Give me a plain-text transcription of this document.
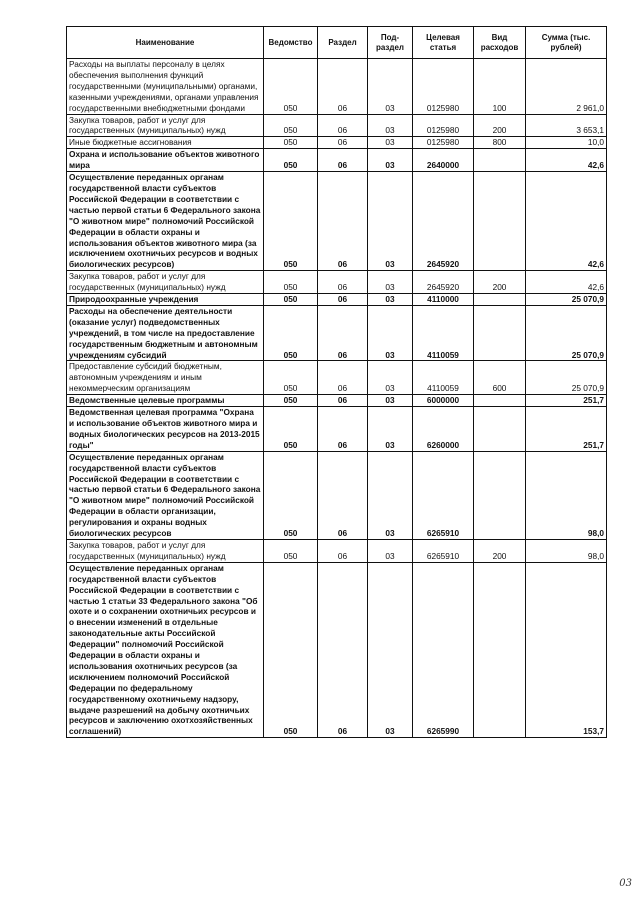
Наименование	Ведомство	Раздел	Под-раздел	Целевая статья	Вид расходов	Сумма (тыс. рублей)
Расходы на выплаты персоналу в целях обеспечения выполнения функций государственными (муниципальными) органами, казенными учреждениями, органами управления государственными внебюджетными фондами	050	06	03	0125980	100	2 961,0
Закупка товаров, работ и услуг для государственных (муниципальных) нужд	050	06	03	0125980	200	3 653,1
Иные бюджетные ассигнования	050	06	03	0125980	800	10,0
Охрана и использование объектов животного мира	050	06	03	2640000		42,6
Осуществление переданных органам государственной власти субъектов Российской Федерации в соответствии с частью первой статьи 6 Федерального закона "О животном мире" полномочий Российской Федерации в области охраны и использования объектов животного мира (за исключением охотничьих ресурсов и водных биологических ресурсов)	050	06	03	2645920		42,6
Закупка товаров, работ и услуг для государственных (муниципальных) нужд	050	06	03	2645920	200	42,6
Природоохранные учреждения	050	06	03	4110000		25 070,9
Расходы на обеспечение деятельности (оказание услуг) подведомственных учреждений, в том числе на предоставление государственным бюджетным и автономным учреждениям субсидий	050	06	03	4110059		25 070,9
Предоставление субсидий бюджетным, автономным учреждениям и иным некоммерческим организациям	050	06	03	4110059	600	25 070,9
Ведомственные целевые программы	050	06	03	6000000		251,7
Ведомственная целевая программа "Охрана и использование объектов животного мира и водных биологических ресурсов на 2013-2015 годы"	050	06	03	6260000		251,7
Осуществление переданных органам государственной власти субъектов Российской Федерации в соответствии с частью первой статьи 6 Федерального закона "О животном мире" полномочий Российской Федерации в области организации, регулирования и охраны водных биологических ресурсов	050	06	03	6265910		98,0
Закупка товаров, работ и услуг для государственных (муниципальных) нужд	050	06	03	6265910	200	98,0
Осуществление переданных органам государственной власти субъектов Российской Федерации в соответствии с частью 1 статьи 33 Федерального закона "Об охоте и о сохранении охотничьих ресурсов и о внесении изменений в отдельные законодательные акты Российской Федерации" полномочий Российской Федерации в области охраны и использования охотничьих ресурсов (за исключением полномочий Российской Федерации по федеральному государственному охотничьему надзору, выдаче разрешений на добычу охотничьих ресурсов и заключению охотхозяйственных соглашений)	050	06	03	6265990		153,7
03
